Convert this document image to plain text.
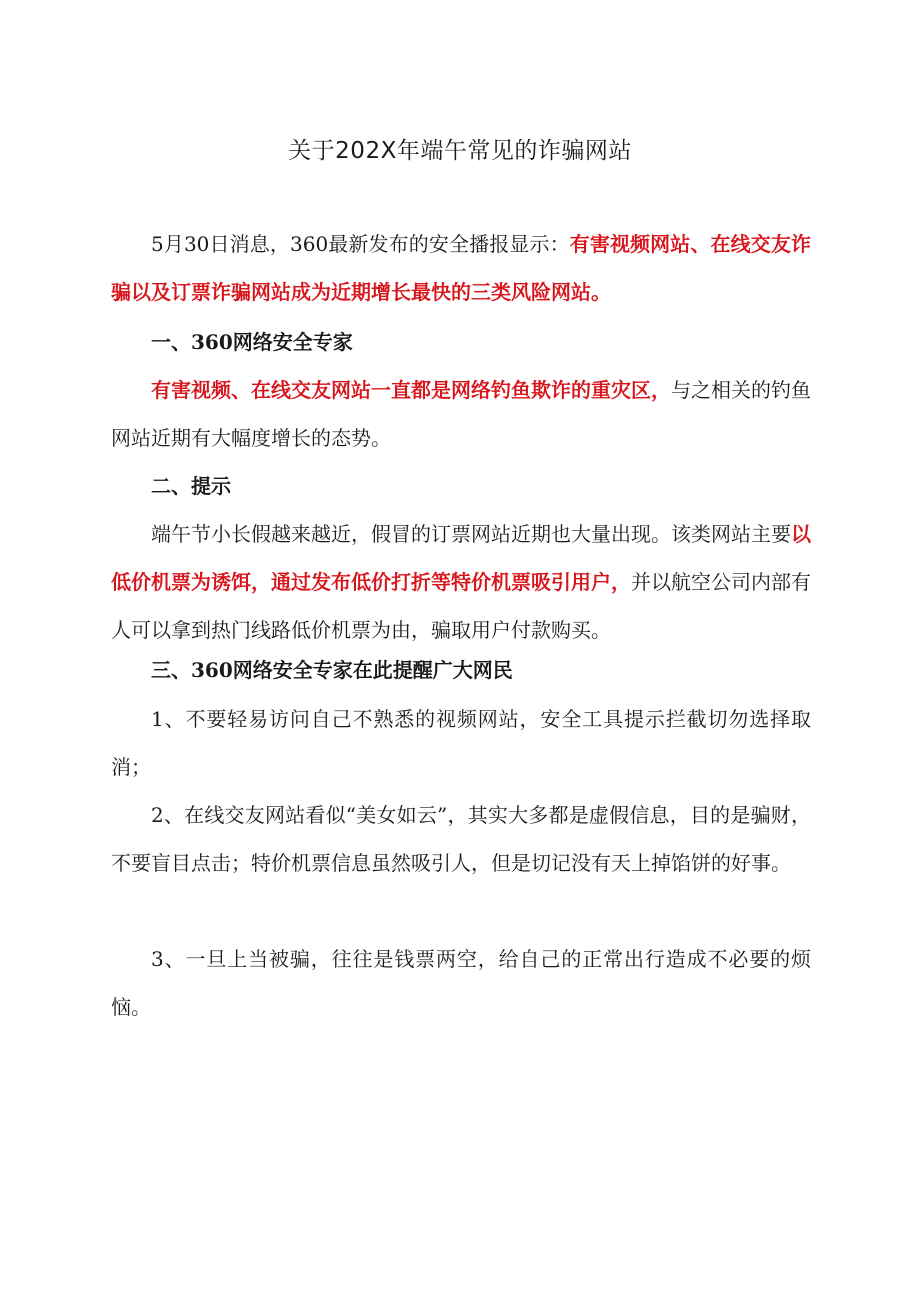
关于202X年端午常见的诈骗网站

5月30日消息，360最新发布的安全播报显示：有害视频网站、在线交友诈骗以及订票诈骗网站成为近期增长最快的三类风险网站。

一、360网络安全专家

有害视频、在线交友网站一直都是网络钓鱼欺诈的重灾区，与之相关的钓鱼网站近期有大幅度增长的态势。

二、提示

端午节小长假越来越近，假冒的订票网站近期也大量出现。该类网站主要以低价机票为诱饵，通过发布低价打折等特价机票吸引用户，并以航空公司内部有人可以拿到热门线路低价机票为由，骗取用户付款购买。

三、360网络安全专家在此提醒广大网民

1、不要轻易访问自己不熟悉的视频网站，安全工具提示拦截切勿选择取消；

2、在线交友网站看似“美女如云”，其实大多都是虚假信息，目的是骗财，不要盲目点击；特价机票信息虽然吸引人，但是切记没有天上掉馅饼的好事。

3、一旦上当被骗，往往是钱票两空，给自己的正常出行造成不必要的烦恼。
